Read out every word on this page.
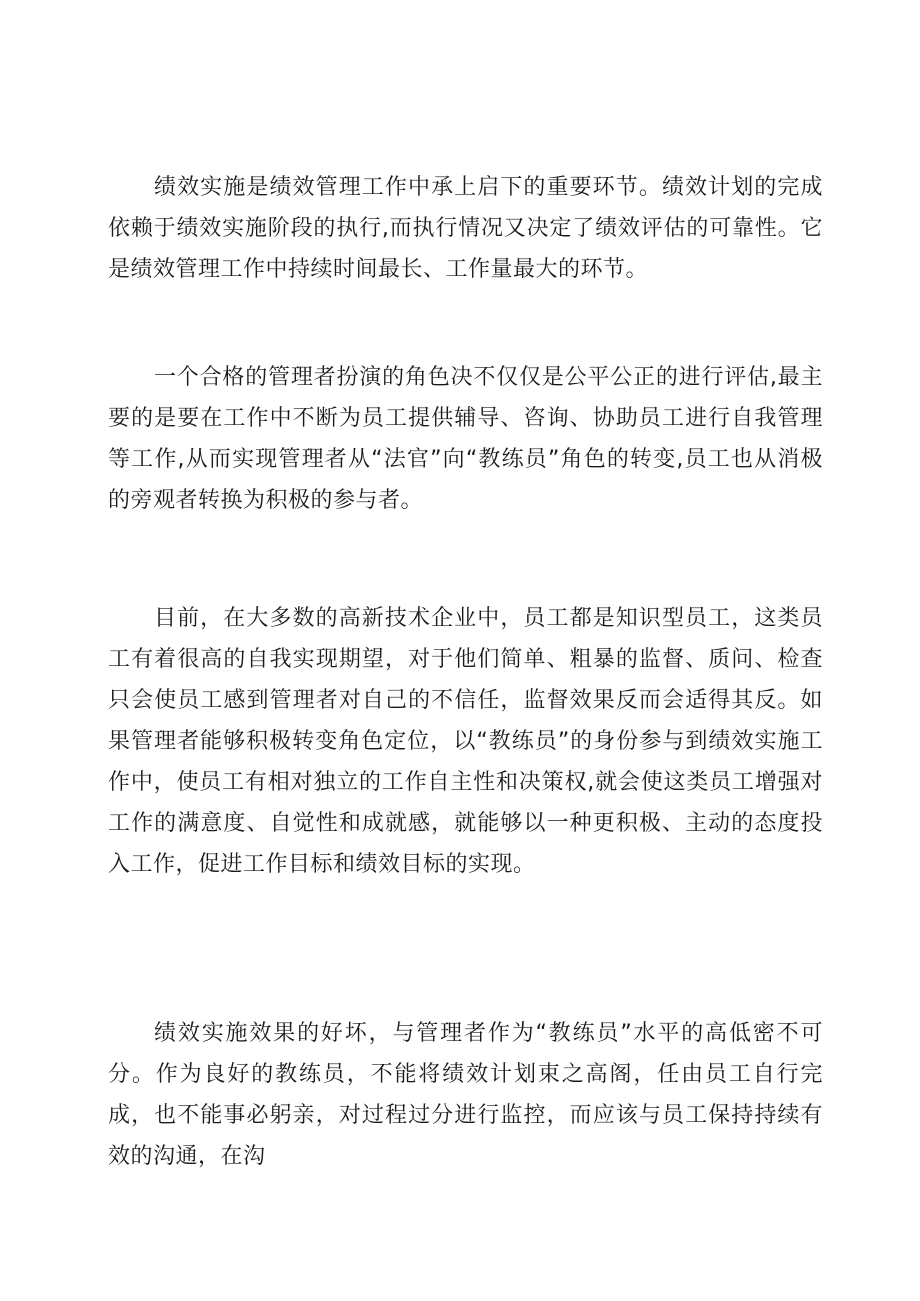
绩效实施是绩效管理工作中承上启下的重要环节。绩效计划的完成依赖于绩效实施阶段的执行,而执行情况又决定了绩效评估的可靠性。它是绩效管理工作中持续时间最长、工作量最大的环节。

一个合格的管理者扮演的角色决不仅仅是公平公正的进行评估,最主要的是要在工作中不断为员工提供辅导、咨询、协助员工进行自我管理等工作,从而实现管理者从“法官”向“教练员”角色的转变,员工也从消极的旁观者转换为积极的参与者。

目前，在大多数的高新技术企业中，员工都是知识型员工，这类员工有着很高的自我实现期望，对于他们简单、粗暴的监督、质问、检查只会使员工感到管理者对自己的不信任，监督效果反而会适得其反。如果管理者能够积极转变角色定位，以“教练员”的身份参与到绩效实施工作中，使员工有相对独立的工作自主性和决策权,就会使这类员工增强对工作的满意度、自觉性和成就感，就能够以一种更积极、主动的态度投入工作，促进工作目标和绩效目标的实现。

绩效实施效果的好坏，与管理者作为“教练员”水平的高低密不可分。作为良好的教练员，不能将绩效计划束之高阁，任由员工自行完成，也不能事必躬亲，对过程过分进行监控，而应该与员工保持持续有效的沟通，在沟
